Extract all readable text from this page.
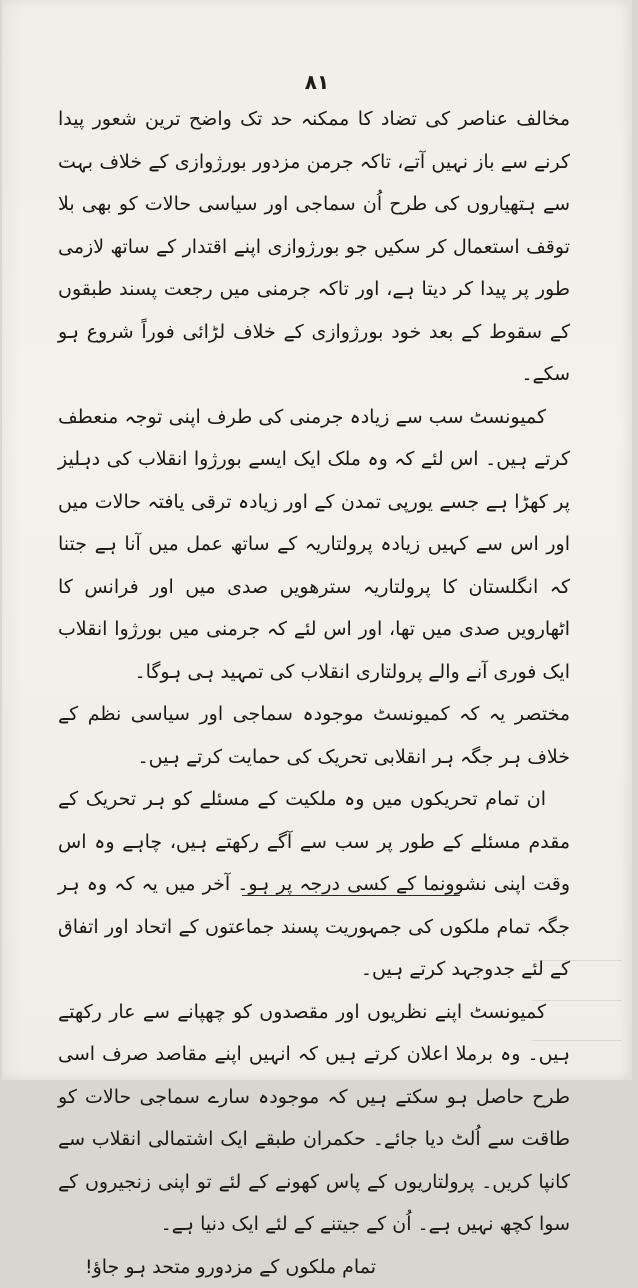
۸۱

مخالف عناصر کی تضاد کا ممکنہ حد تک واضح ترین شعور پیدا کرنے سے باز نہیں آتے، تاکہ جرمن مزدور بورژوازی کے خلاف بہت سے ہتھیاروں کی طرح اُن سماجی اور سیاسی حالات کو بھی بلا توقف استعمال کر سکیں جو بورژوازی اپنے اقتدار کے ساتھ لازمی طور پر پیدا کر دیتا ہے، اور تاکہ جرمنی میں رجعت پسند طبقوں کے سقوط کے بعد خود بورژوازی کے خلاف لڑائی فوراً شروع ہو سکے۔

کمیونسٹ سب سے زیادہ جرمنی کی طرف اپنی توجہ منعطف کرتے ہیں۔ اس لئے کہ وہ ملک ایک ایسے بورژوا انقلاب کی دہلیز پر کھڑا ہے جسے یورپی تمدن کے اور زیادہ ترقی یافتہ حالات میں اور اس سے کہیں زیادہ پرولتاریہ کے ساتھ عمل میں آنا ہے جتنا کہ انگلستان کا پرولتاریہ سترھویں صدی میں اور فرانس کا اٹھارویں صدی میں تھا، اور اس لئے کہ جرمنی میں بورژوا انقلاب ایک فوری آنے والے پرولتاری انقلاب کی تمہید ہی ہوگا۔

مختصر یہ کہ کمیونسٹ موجودہ سماجی اور سیاسی نظم کے خلاف ہر جگہ ہر انقلابی تحریک کی حمایت کرتے ہیں۔

ان تمام تحریکوں میں وہ ملکیت کے مسئلے کو ہر تحریک کے مقدم مسئلے کے طور پر سب سے آگے رکھتے ہیں، چاہے وہ اس وقت اپنی نشوونما کے کسی درجہ پر ہو۔ آخر میں یہ کہ وہ ہر جگہ تمام ملکوں کی جمہوریت پسند جماعتوں کے اتحاد اور اتفاق کے لئے جدوجہد کرتے ہیں۔

کمیونسٹ اپنے نظریوں اور مقصدوں کو چھپانے سے عار رکھتے ہیں۔ وہ برملا اعلان کرتے ہیں کہ انہیں اپنے مقاصد صرف اسی طرح حاصل ہو سکتے ہیں کہ موجودہ سارے سماجی حالات کو طاقت سے اُلٹ دیا جائے۔ حکمران طبقے ایک اشتمالی انقلاب سے کانپا کریں۔ پرولتاریوں کے پاس کھونے کے لئے تو اپنی زنجیروں کے سوا کچھ نہیں ہے۔ اُن کے جیتنے کے لئے ایک دنیا ہے۔

تمام ملکوں کے مزدورو متحد ہو جاؤ!
